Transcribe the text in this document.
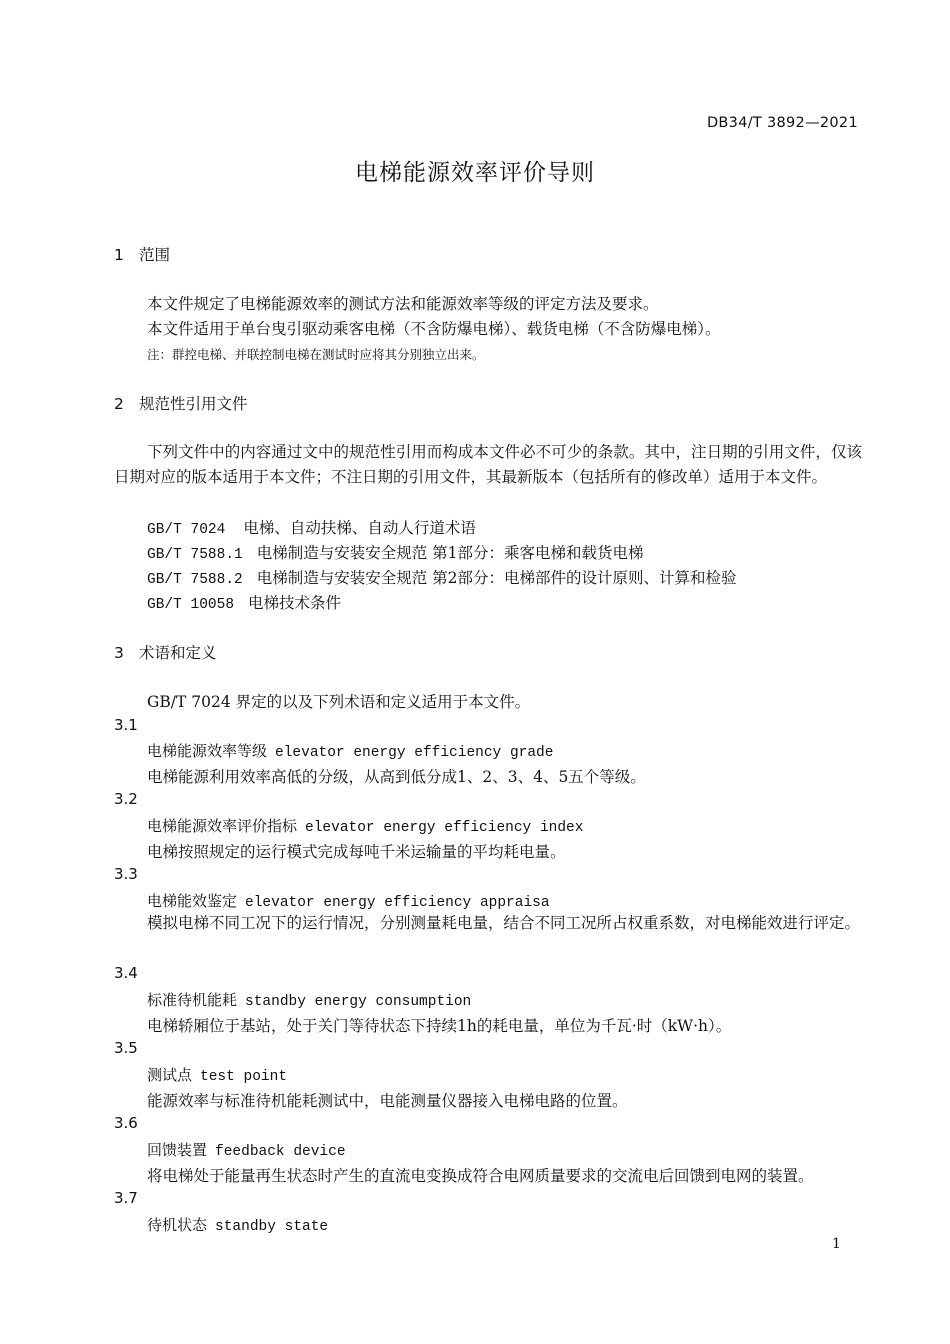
DB34/T 3892—2021
电梯能源效率评价导则
1 范围
本文件规定了电梯能源效率的测试方法和能源效率等级的评定方法及要求。
本文件适用于单台曳引驱动乘客电梯（不含防爆电梯）、载货电梯（不含防爆电梯）。
注：群控电梯、并联控制电梯在测试时应将其分别独立出来。
2 规范性引用文件
下列文件中的内容通过文中的规范性引用而构成本文件必不可少的条款。其中，注日期的引用文件，仅该日期对应的版本适用于本文件；不注日期的引用文件，其最新版本（包括所有的修改单）适用于本文件。
GB/T 7024 电梯、自动扶梯、自动人行道术语
GB/T 7588.1 电梯制造与安装安全规范 第1部分：乘客电梯和载货电梯
GB/T 7588.2 电梯制造与安装安全规范 第2部分：电梯部件的设计原则、计算和检验
GB/T 10058 电梯技术条件
3 术语和定义
GB/T 7024 界定的以及下列术语和定义适用于本文件。
3.1
电梯能源效率等级 elevator energy efficiency grade
电梯能源利用效率高低的分级，从高到低分成1、2、3、4、5五个等级。
3.2
电梯能源效率评价指标 elevator energy efficiency index
电梯按照规定的运行模式完成每吨千米运输量的平均耗电量。
3.3
电梯能效鉴定 elevator energy efficiency appraisa
模拟电梯不同工况下的运行情况，分别测量耗电量，结合不同工况所占权重系数，对电梯能效进行评定。
3.4
标准待机能耗 standby energy consumption
电梯轿厢位于基站，处于关门等待状态下持续1h的耗电量，单位为千瓦·时（kW·h）。
3.5
测试点 test point
能源效率与标准待机能耗测试中，电能测量仪器接入电梯电路的位置。
3.6
回馈装置 feedback device
将电梯处于能量再生状态时产生的直流电变换成符合电网质量要求的交流电后回馈到电网的装置。
3.7
待机状态 standby state
1
